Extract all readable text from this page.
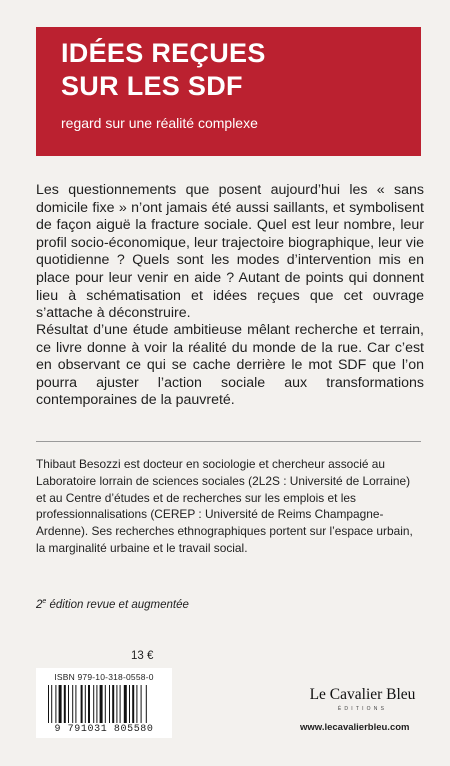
IDÉES REÇUES
SUR LES SDF
regard sur une réalité complexe

Les questionnements que posent aujourd’hui les « sans domicile fixe » n’ont jamais été aussi saillants, et symbolisent de façon aiguë la fracture sociale. Quel est leur nombre, leur profil socio-économique, leur trajectoire biographique, leur vie quotidienne ? Quels sont les modes d’intervention mis en place pour leur venir en aide ? Autant de points qui donnent lieu à schématisation et idées reçues que cet ouvrage s’attache à déconstruire.

Résultat d’une étude ambitieuse mêlant recherche et terrain, ce livre donne à voir la réalité du monde de la rue. Car c’est en observant ce qui se cache derrière le mot SDF que l’on pourra ajuster l’action sociale aux transformations contemporaines de la pauvreté.

Thibaut Besozzi est docteur en sociologie et chercheur associé au Laboratoire lorrain de sciences sociales (2L2S : Université de Lorraine) et au Centre d’études et de recherches sur les emplois et les professionnalisations (CEREP : Université de Reims Champagne-Ardenne). Ses recherches ethnographiques portent sur l’espace urbain, la marginalité urbaine et le travail social.

2e édition revue et augmentée
13 €
ISBN 979-10-318-0558-0
9 791031 805580
Le Cavalier Bleu
ÉDITIONS
www.lecavalierbleu.com
